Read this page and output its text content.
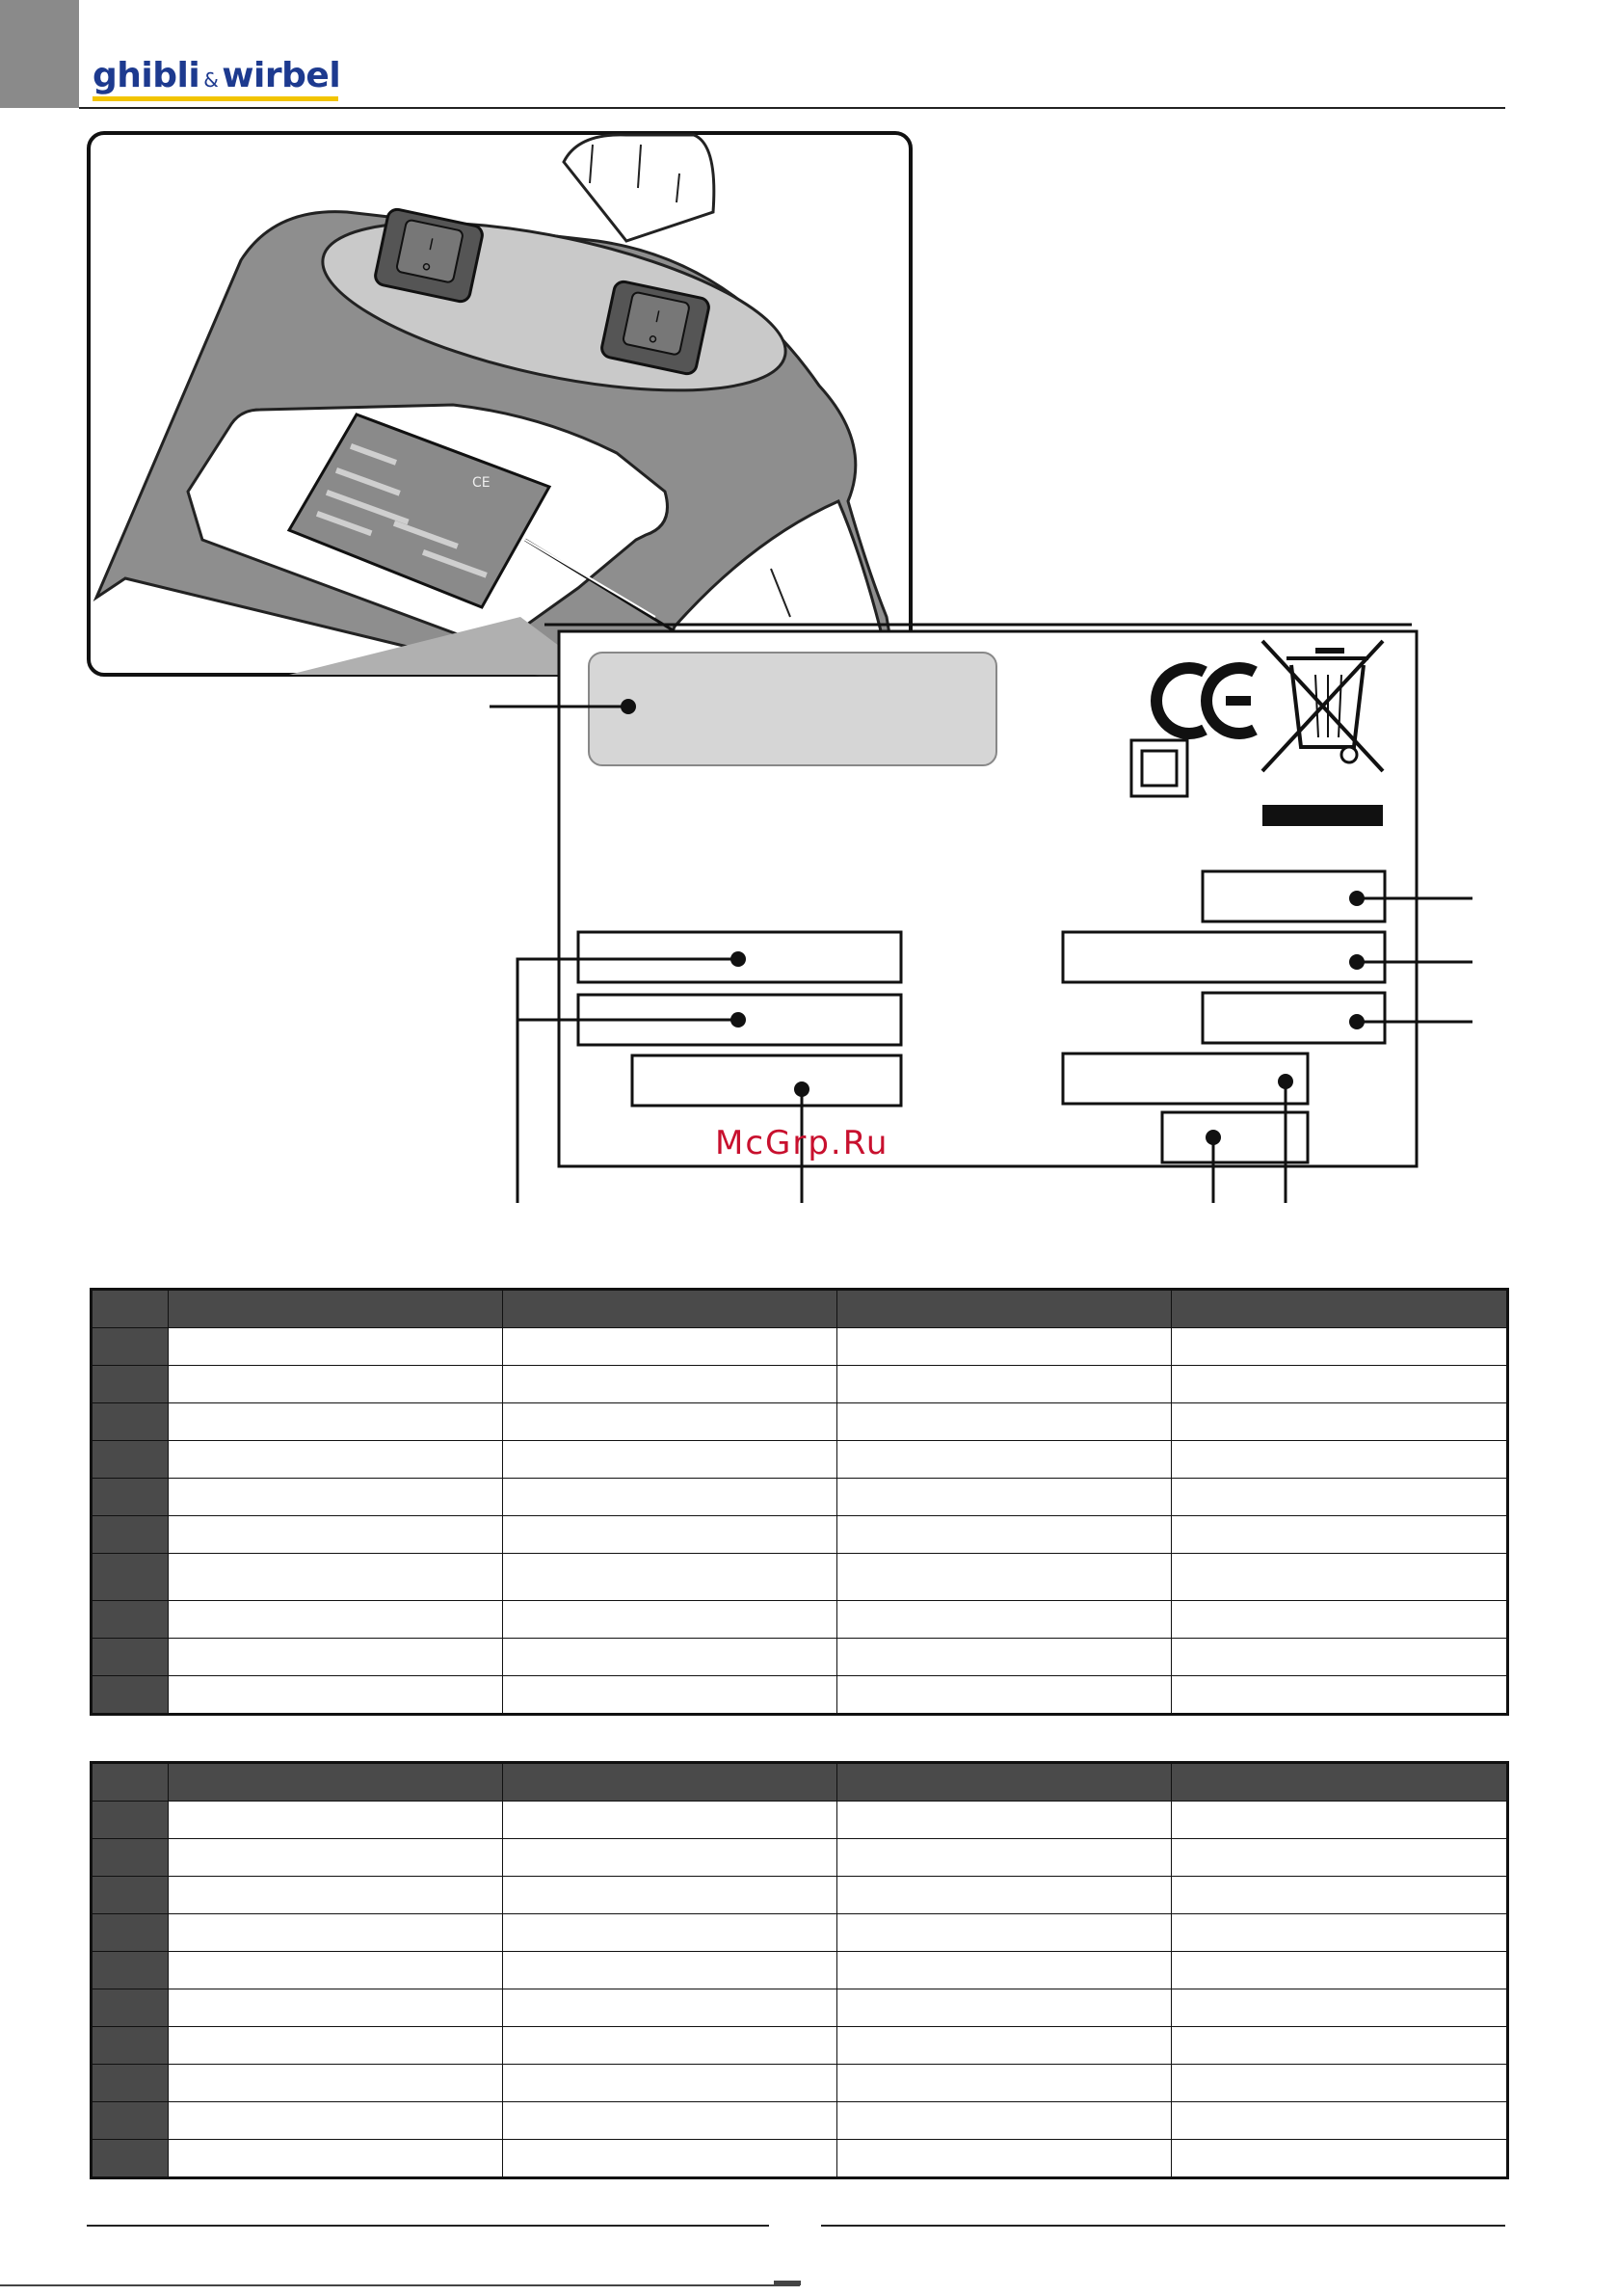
ghibli & wirbel
CE
McGrp.Ru
